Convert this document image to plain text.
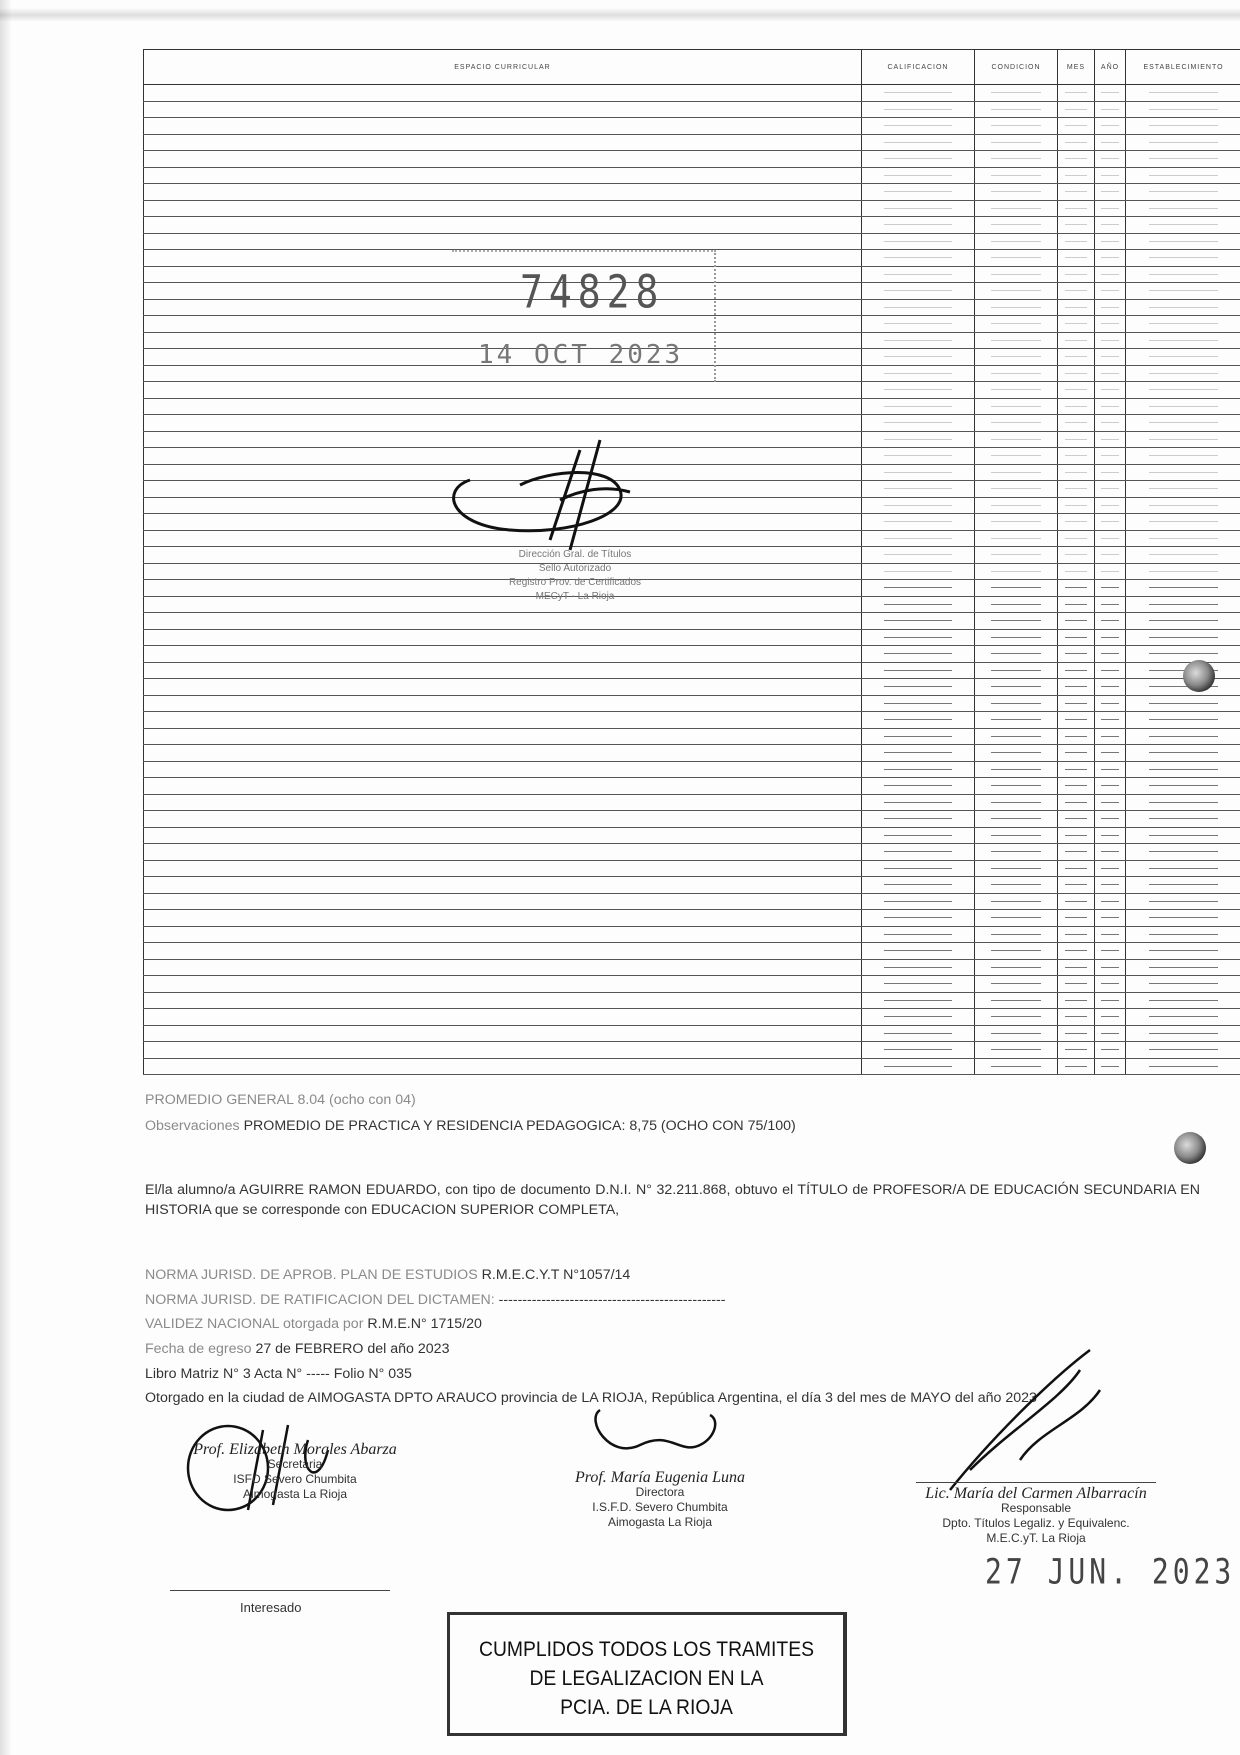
ESPACIO CURRICULAR	CALIFICACION	CONDICION	MES	AÑO	ESTABLECIMIENTO

74828
14 OCT 2023
Dirección Gral. de Títulos
Sello Autorizado
Registro Prov. de Certificados
MECyT - La Rioja
PROMEDIO GENERAL 8.04 (ocho con 04)
Observaciones PROMEDIO DE PRACTICA Y RESIDENCIA PEDAGOGICA: 8,75 (OCHO CON 75/100)
El/la alumno/a AGUIRRE RAMON EDUARDO, con tipo de documento D.N.I. N° 32.211.868, obtuvo el TÍTULO de PROFESOR/A DE EDUCACIÓN SECUNDARIA EN HISTORIA que se corresponde con EDUCACION SUPERIOR COMPLETA,
NORMA JURISD. DE APROB. PLAN DE ESTUDIOS R.M.E.C.Y.T N°1057/14
NORMA JURISD. DE RATIFICACION DEL DICTAMEN: ------------------------------------------------
VALIDEZ NACIONAL otorgada por R.M.E.N° 1715/20
Fecha de egreso 27 de FEBRERO del año 2023
Libro Matriz N° 3 Acta N° ----- Folio N° 035
Otorgado en la ciudad de AIMOGASTA DPTO ARAUCO provincia de LA RIOJA, República Argentina, el día 3 del mes de MAYO del año 2023
Prof. Elizabeth Morales Abarza
Secretaria
ISFD Severo Chumbita
Aimogasta La Rioja
Prof. María Eugenia Luna
Directora
I.S.F.D. Severo Chumbita
Aimogasta La Rioja
Lic. María del Carmen Albarracín
Responsable
Dpto. Títulos Legaliz. y Equivalenc.
M.E.C.yT. La Rioja
27 JUN. 2023
Interesado
CUMPLIDOS TODOS LOS TRAMITES
DE LEGALIZACION EN LA
PCIA. DE LA RIOJA
